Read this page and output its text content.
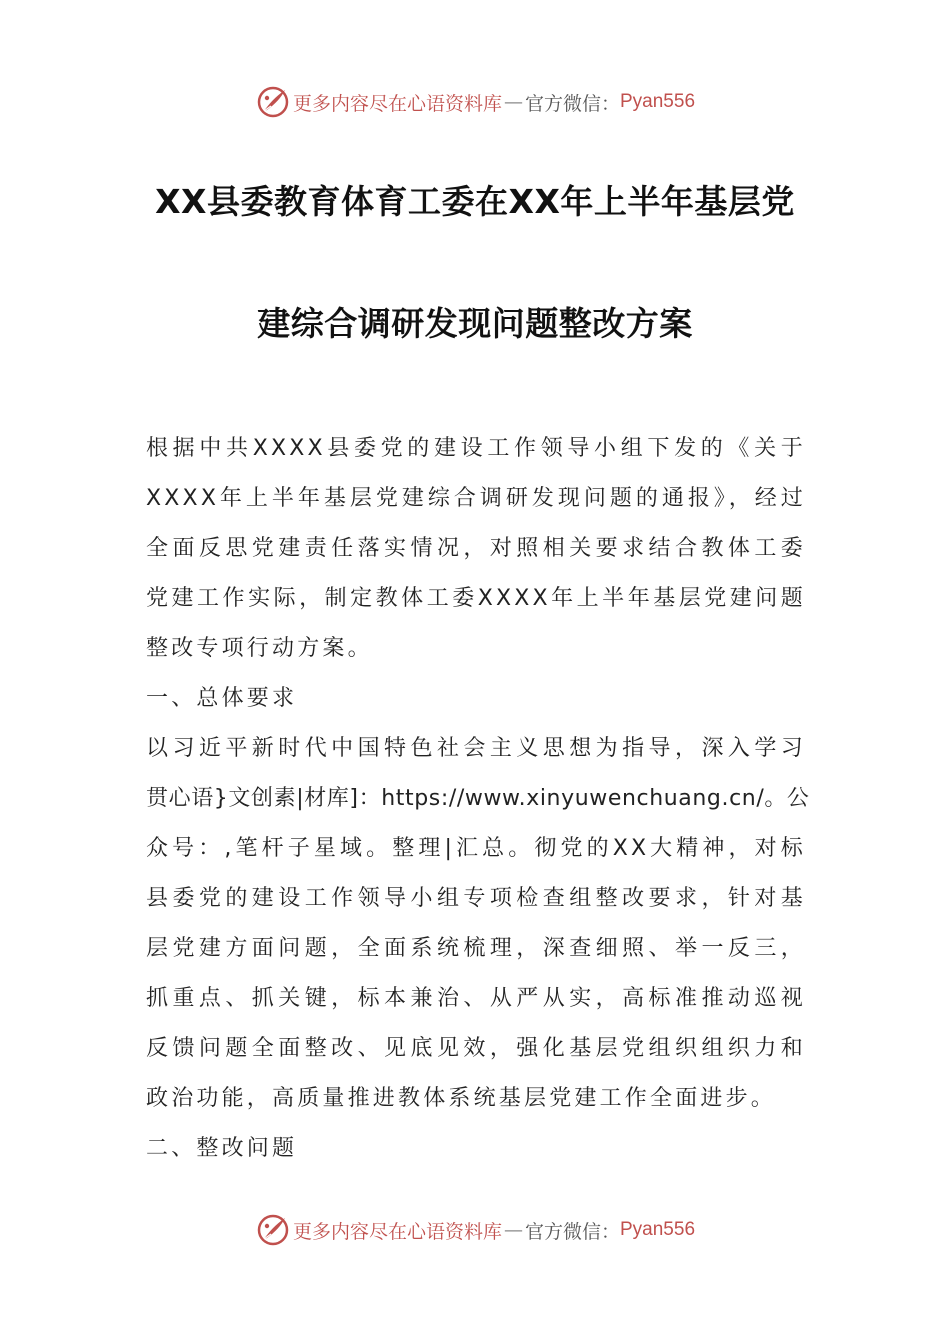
更多内容尽在心语资料库 — 官方微信： Pyan556
XX县委教育体育工委在XX年上半年基层党
建综合调研发现问题整改方案
根据中共XXXX县委党的建设工作领导小组下发的《关于
XXXX年上半年基层党建综合调研发现问题的通报》，经过
全面反思党建责任落实情况，对照相关要求结合教体工委
党建工作实际，制定教体工委XXXX年上半年基层党建问题
整改专项行动方案。
一、总体要求
以习近平新时代中国特色社会主义思想为指导，深入学习
贯心语}文创素|材库]：https://www.xinyuwenchuang.cn/。公
众号：,笔杆子星域。整理|汇总。彻党的XX大精神，对标
县委党的建设工作领导小组专项检查组整改要求，针对基
层党建方面问题，全面系统梳理，深查细照、举一反三，
抓重点、抓关键，标本兼治、从严从实，高标准推动巡视
反馈问题全面整改、见底见效，强化基层党组织组织力和
政治功能，高质量推进教体系统基层党建工作全面进步。
二、整改问题
更多内容尽在心语资料库 — 官方微信： Pyan556
